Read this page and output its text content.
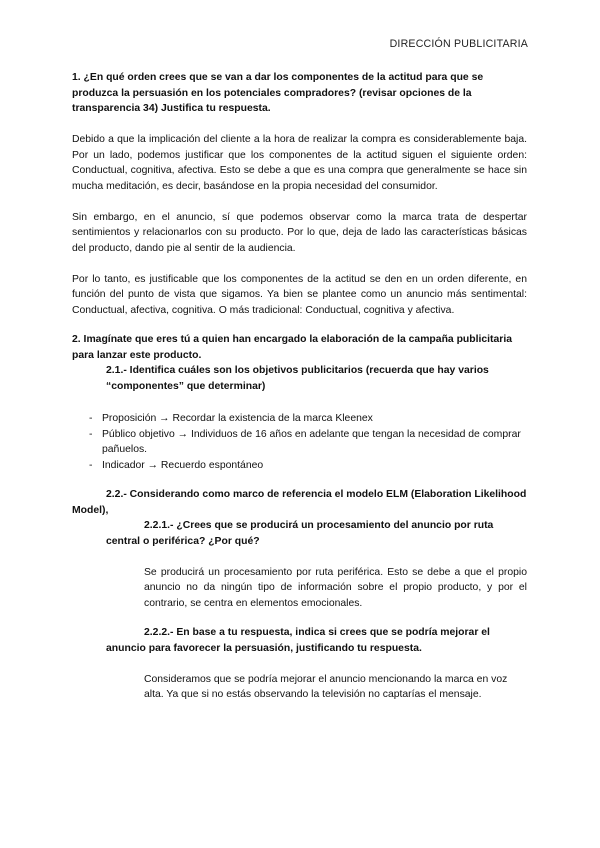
DIRECCIÓN PUBLICITARIA

1. ¿En qué orden crees que se van a dar los componentes de la actitud para que se produzca la persuasión en los potenciales compradores? (revisar opciones de la transparencia 34) Justifica tu respuesta.

Debido a que la implicación del cliente a la hora de realizar la compra es considerablemente baja. Por un lado, podemos justificar que los componentes de la actitud siguen el siguiente orden: Conductual, cognitiva, afectiva. Esto se debe a que es una compra que generalmente se hace sin mucha meditación, es decir, basándose en la propia necesidad del consumidor.

Sin embargo, en el anuncio, sí que podemos observar como la marca trata de despertar sentimientos y relacionarlos con su producto. Por lo que, deja de lado las características básicas del producto, dando pie al sentir de la audiencia.

Por lo tanto, es justificable que los componentes de la actitud se den en un orden diferente, en función del punto de vista que sigamos. Ya bien se plantee como un anuncio más sentimental: Conductual, afectiva, cognitiva. O más tradicional: Conductual, cognitiva y afectiva.

2. Imagínate que eres tú a quien han encargado la elaboración de la campaña publicitaria para lanzar este producto.

2.1.- Identifica cuáles son los objetivos publicitarios (recuerda que hay varios “componentes” que determinar)

- Proposición → Recordar la existencia de la marca Kleenex
- Público objetivo → Individuos de 16 años en adelante que tengan la necesidad de comprar pañuelos.
- Indicador → Recuerdo espontáneo

2.2.- Considerando como marco de referencia el modelo ELM (Elaboration Likelihood Model),

2.2.1.- ¿Crees que se producirá un procesamiento del anuncio por ruta central o periférica? ¿Por qué?

Se producirá un procesamiento por ruta periférica. Esto se debe a que el propio anuncio no da ningún tipo de información sobre el propio producto, y por el contrario, se centra en elementos emocionales.

2.2.2.- En base a tu respuesta, indica si crees que se podría mejorar el anuncio para favorecer la persuasión, justificando tu respuesta.

Consideramos que se podría mejorar el anuncio mencionando la marca en voz alta. Ya que si no estás observando la televisión no captarías el mensaje.
